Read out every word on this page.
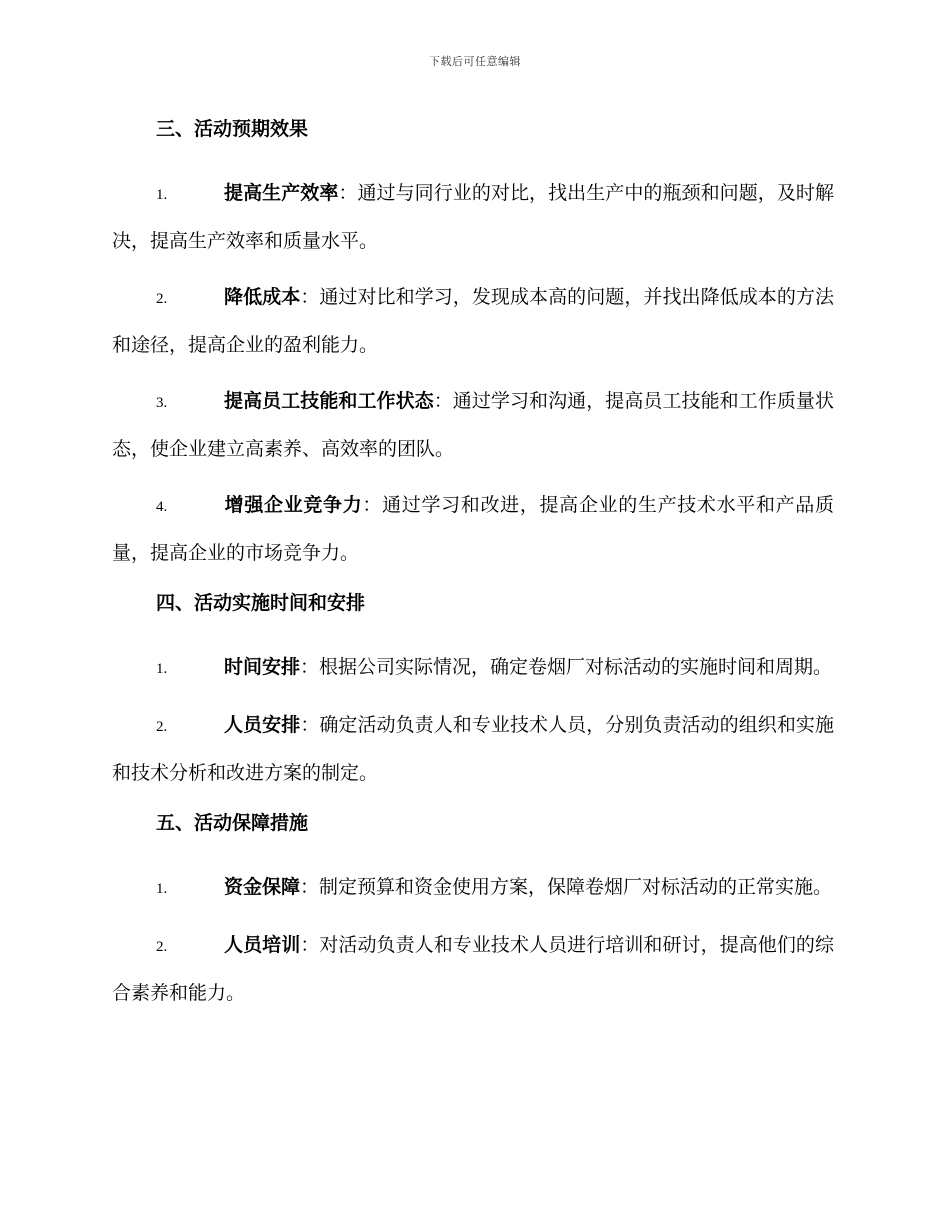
下载后可任意编辑
三、活动预期效果

1.	提高生产效率：通过与同行业的对比，找出生产中的瓶颈和问题，及时解决，提高生产效率和质量水平。

2.	降低成本：通过对比和学习，发现成本高的问题，并找出降低成本的方法和途径，提高企业的盈利能力。

3.	提高员工技能和工作状态：通过学习和沟通，提高员工技能和工作质量状态，使企业建立高素养、高效率的团队。

4.	增强企业竞争力：通过学习和改进，提高企业的生产技术水平和产品质量，提高企业的市场竞争力。

四、活动实施时间和安排

1.	时间安排：根据公司实际情况，确定卷烟厂对标活动的实施时间和周期。

2.	人员安排：确定活动负责人和专业技术人员，分别负责活动的组织和实施和技术分析和改进方案的制定。

五、活动保障措施

1.	资金保障：制定预算和资金使用方案，保障卷烟厂对标活动的正常实施。

2.	人员培训：对活动负责人和专业技术人员进行培训和研讨，提高他们的综合素养和能力。
